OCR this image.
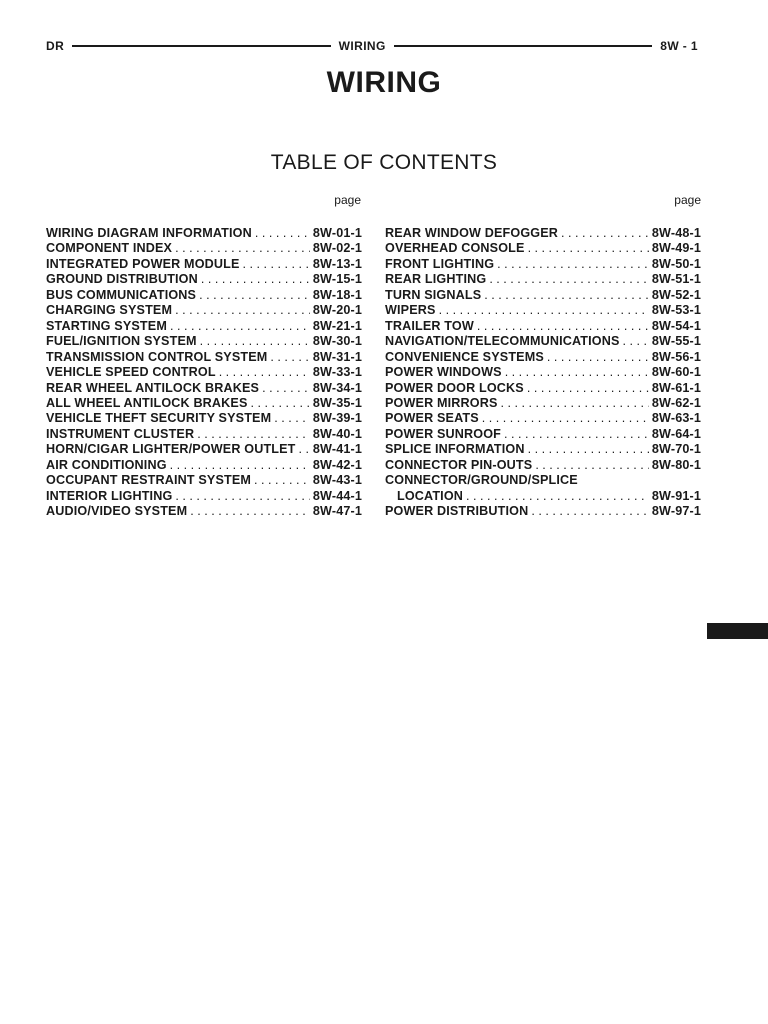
DR	WIRING	8W - 1
WIRING
TABLE OF CONTENTS
page	page
WIRING DIAGRAM INFORMATION . . .	8W-01-1
COMPONENT INDEX . . .	8W-02-1
INTEGRATED POWER MODULE . . .	8W-13-1
GROUND DISTRIBUTION . . .	8W-15-1
BUS COMMUNICATIONS . . .	8W-18-1
CHARGING SYSTEM . . .	8W-20-1
STARTING SYSTEM . . .	8W-21-1
FUEL/IGNITION SYSTEM . . .	8W-30-1
TRANSMISSION CONTROL SYSTEM . . .	8W-31-1
VEHICLE SPEED CONTROL . . .	8W-33-1
REAR WHEEL ANTILOCK BRAKES . . .	8W-34-1
ALL WHEEL ANTILOCK BRAKES . . .	8W-35-1
VEHICLE THEFT SECURITY SYSTEM . . .	8W-39-1
INSTRUMENT CLUSTER . . .	8W-40-1
HORN/CIGAR LIGHTER/POWER OUTLET . . . 8W-41-1
AIR CONDITIONING . . .	8W-42-1
OCCUPANT RESTRAINT SYSTEM . . .	8W-43-1
INTERIOR LIGHTING . . .	8W-44-1
AUDIO/VIDEO SYSTEM . . .	8W-47-1
REAR WINDOW DEFOGGER . . .	8W-48-1
OVERHEAD CONSOLE . . .	8W-49-1
FRONT LIGHTING . . .	8W-50-1
REAR LIGHTING . . .	8W-51-1
TURN SIGNALS . . .	8W-52-1
WIPERS . . .	8W-53-1
TRAILER TOW . . .	8W-54-1
NAVIGATION/TELECOMMUNICATIONS . . .	8W-55-1
CONVENIENCE SYSTEMS . . .	8W-56-1
POWER WINDOWS . . .	8W-60-1
POWER DOOR LOCKS . . .	8W-61-1
POWER MIRRORS . . .	8W-62-1
POWER SEATS . . .	8W-63-1
POWER SUNROOF . . .	8W-64-1
SPLICE INFORMATION . . .	8W-70-1
CONNECTOR PIN-OUTS . . .	8W-80-1
CONNECTOR/GROUND/SPLICE
LOCATION . . .	8W-91-1
POWER DISTRIBUTION . . .	8W-97-1
